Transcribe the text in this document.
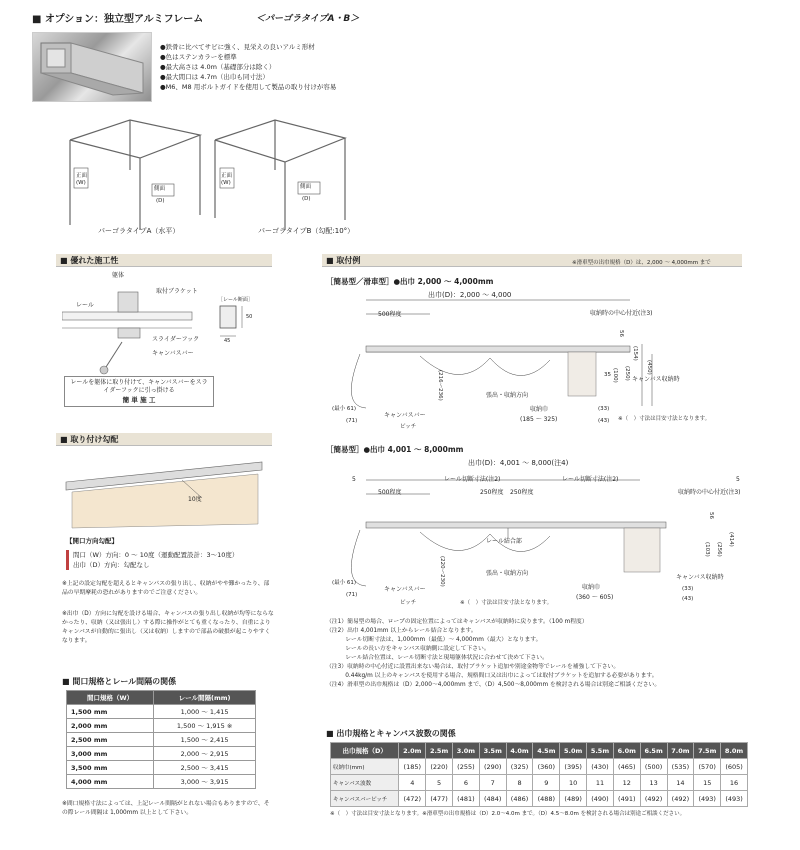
■ オプション：独立型アルミフレーム	＜パーゴラタイプA・B＞
●鉄骨に比べてサビに強く、見栄えの良いアルミ形材
●色はステンカラーを標準
●最大高さは 4.0m（基礎部分は除く）
●最大間口は 4.7m（出巾も同寸法）
●M6、M8 用ボルトガイドを使用して製品の取り付けが容易
正面
(W)
側面
(D)
正面
(W)
側面
(D)
パーゴラタイプA（水平）	パーゴラタイプB（勾配:10°）
■ 優れた施工性
躯体
取付ブラケット
レール
［レール断面］
50
45
スライダーフック
キャンバスバー
レールを躯体に取り付けて、キャンバスバーをスライダーフックに引っ掛ける
簡 単 施 工
■ 取り付け勾配
10度
【開口方向勾配】
間口（W）方向：0 〜 10度（運動配置設計：3〜10度）
出巾（D）方向：勾配なし
※上記の設定勾配を超えるとキャンパスの張り出し、収納がやや難かったり、部品の早期摩耗の恐れがありますのでご注意ください。
※出巾（D）方向に勾配を設ける場合、キャンバスの張り出し収納が均等にならなかったり、収納（又は張出し）する際に操作がとても重くなったり、自重によりキャンバスが自動的に張出し（又は収納）しますので部品の破損が起こりやすくなります。
■ 間口規格とレール間隔の関係
間口規格（W）	レール間隔(mm)
1,500 mm	1,000 〜 1,415
2,000 mm	1,500 〜 1,915 ※
2,500 mm	1,500 〜 2,415
3,000 mm	2,000 〜 2,915
3,500 mm	2,500 〜 3,415
4,000 mm	3,000 〜 3,915
※間口規格寸法によっては、上記レール間隔がとれない場合もありますので、その際レール間隔は 1,000mm 以上として下さい。
■ 取付例	※滑車型の出巾規格（D）は、2,000 〜 4,000mm まで
［簡易型／滑車型］●出巾 2,000 〜 4,000mm
出巾(D)：2,000 〜 4,000
500程度	収納時の中心付近(注3)
キャンバス収納時
張出・収納方向
収納巾
(185 〜 325)
キャンバスバー
(最小 61)
(71)
ピッチ
(216〜236)
(33)
(43)
35
56
(100) (250)	(450)
(154)
※（　）寸法は目安寸法となります。
［簡易型］●出巾 4,001 〜 8,000mm
出巾(D)：4,001 〜 8,000(注4)
レール切断寸法(注2)	レール切断寸法(注2)
250程度 250程度
500程度	収納時の中心付近(注3)
レール結合部
キャンバス収納時
張出・収納方向
収納巾
(360 〜 605)
キャンバスバー
(最小 61)
(71)
ピッチ
(220〜230)
(33)
(43)
5	5
56
(103) (256)
(414)
※（　）寸法は目安寸法となります。
（注1）簡易型の場合、ロープの固定位置によってはキャンバスが収納時に戻ります。（100 m程度）
（注2）出巾 4,001mm 以上からレール結合となります。
　　　 レール切断寸法は、1,000mm（最低）〜 4,000mm（最大）となります。
　　　 レールの長い方をキャンバス収納側に設定して下さい。
　　　 レール結合位置は、レール切断寸法と現場躯体状況に合わせて決めて下さい。
（注3）収納時の中心付近に設置出来ない場合は、取付ブラケット追加や別途金物等でレールを補強して下さい。
　　　 0.44kg/m 以上のキャンバスを使用する場合、規格間口又は出巾によっては取付ブラケットを追加する必要があります。
（注4）滑車型の出巾規格は（D）2,000〜4,000mm まで、（D）4,500〜8,000mm を検討される場合は別途ご相談ください。
■ 出巾規格とキャンバス波数の関係
出巾規格（D）	2.0m	2.5m	3.0m	3.5m	4.0m	4.5m	5.0m	5.5m	6.0m	6.5m	7.0m	7.5m	8.0m
収納巾(mm)	(185)	(220)	(255)	(290)	(325)	(360)	(395)	(430)	(465)	(500)	(535)	(570)	(605)
キャンバス波数	4	5	6	7	8	9	10	11	12	13	14	15	16
キャンバスバーピッチ	(472)	(477)	(481)	(484)	(486)	(488)	(489)	(490)	(491)	(492)	(492)	(493)	(493)
※（　）寸法は目安寸法となります。※滑車型の出巾規格は（D）2.0〜4.0m まで。（D）4.5〜8.0m を検討される場合は別途ご相談ください。
